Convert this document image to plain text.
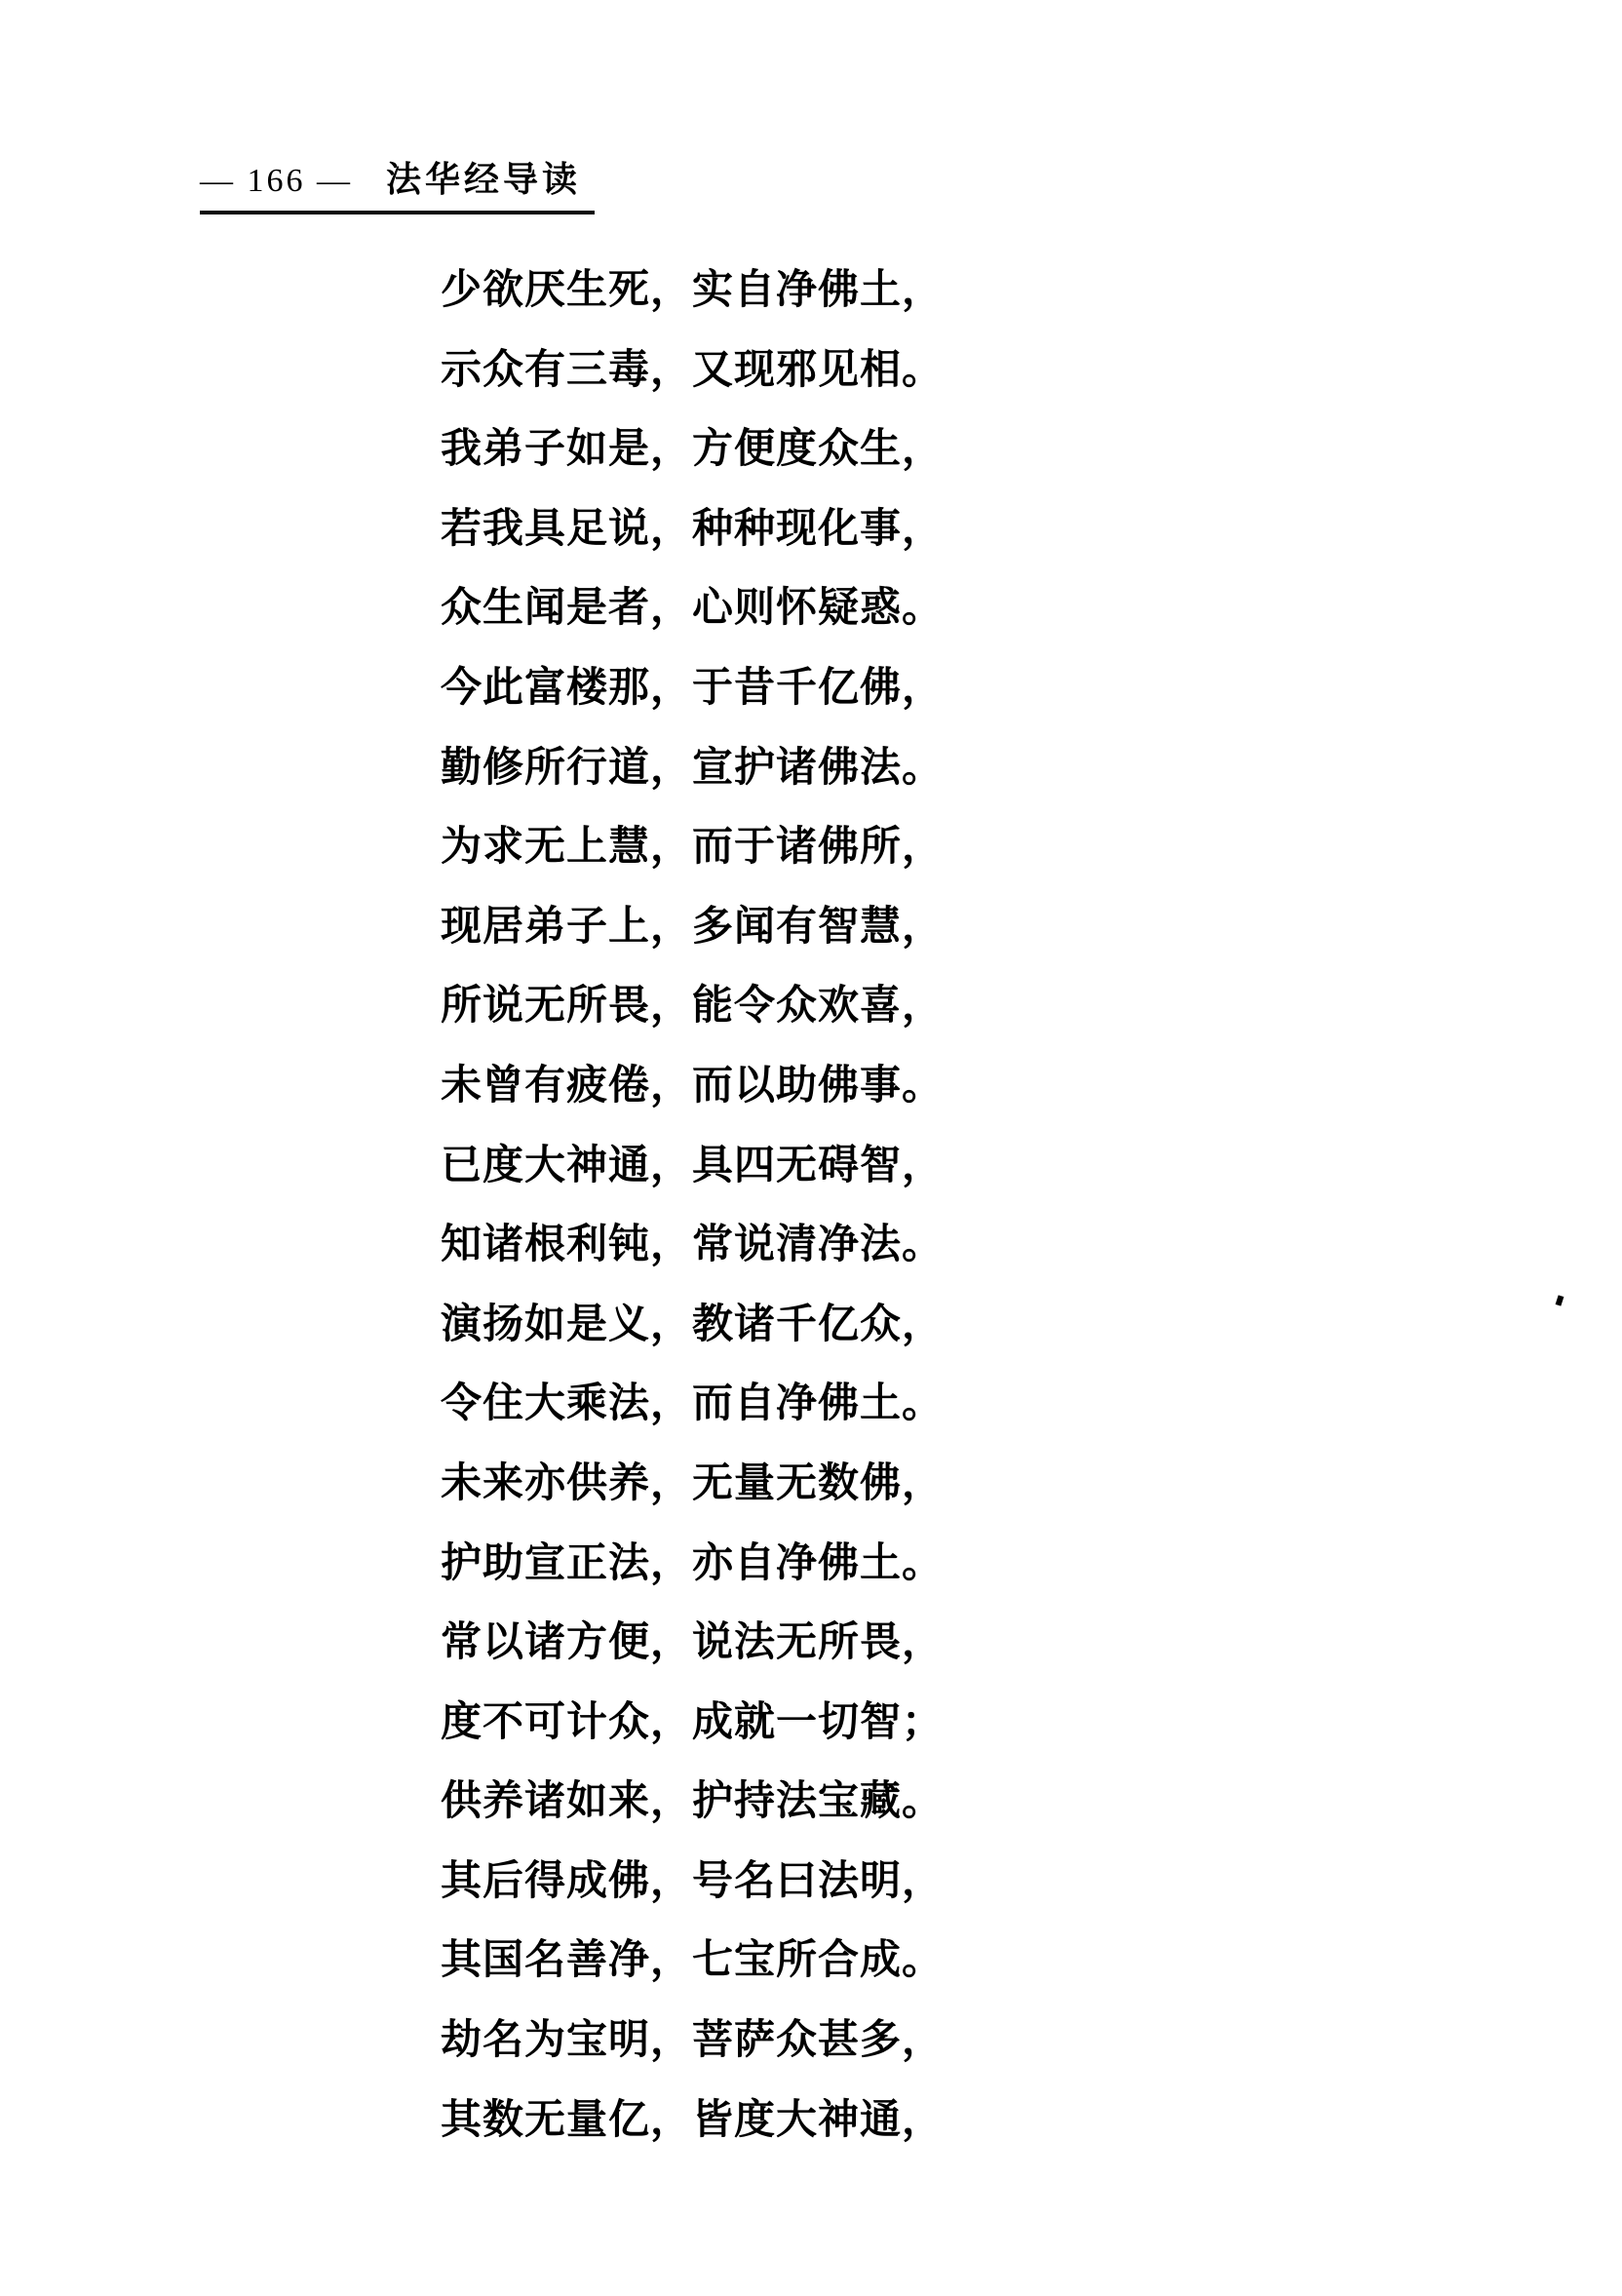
— 166 — 法华经导读
少欲厌生死，实自净佛土，
示众有三毒，又现邪见相。
我弟子如是，方便度众生，
若我具足说，种种现化事，
众生闻是者，心则怀疑惑。
今此富楼那，于昔千亿佛，
勤修所行道，宣护诸佛法。
为求无上慧，而于诸佛所，
现居弟子上，多闻有智慧，
所说无所畏，能令众欢喜，
未曾有疲倦，而以助佛事。
已度大神通，具四无碍智，
知诸根利钝，常说清净法。
演扬如是义，教诸千亿众，
令住大乘法，而自净佛土。
未来亦供养，无量无数佛，
护助宣正法，亦自净佛土。
常以诸方便，说法无所畏，
度不可计众，成就一切智；
供养诸如来，护持法宝藏。
其后得成佛，号名曰法明，
其国名善净，七宝所合成。
劫名为宝明，菩萨众甚多，
其数无量亿，皆度大神通，
